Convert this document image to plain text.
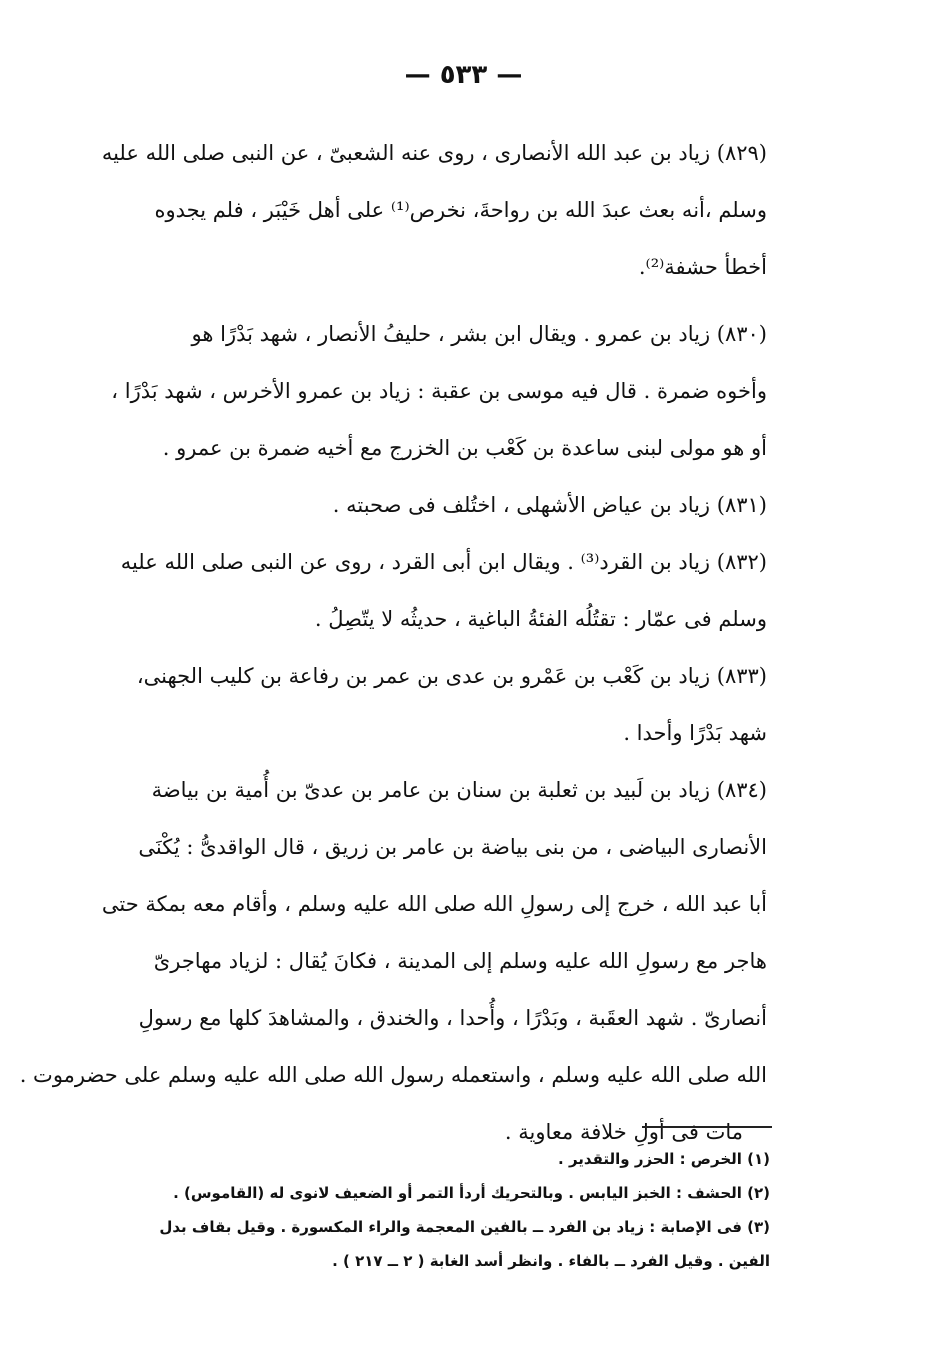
— ٥٣٣ —
(٨٢٩) زياد بن عبد الله الأنصارى ، روى عنه الشعبىّ ، عن النبى صلى الله عليه
وسلم ،أنه بعث عبدَ الله بن رواحةَ، نخرص⁽¹⁾ على أهل خَيْبَر ، فلم يجدوه
أخطأ حشفة⁽²⁾.
(٨٣٠) زياد بن عمرو . ويقال ابن بشر ، حليفُ الأنصار ، شهد بَدْرًا هو
وأخوه ضمرة . قال فيه موسى بن عقبة : زياد بن عمرو الأخرس ، شهد بَدْرًا ،
أو هو مولى لبنى ساعدة بن كَعْب بن الخزرج مع أخيه ضمرة بن عمرو .
(٨٣١) زياد بن عياض الأشهلى ، اختُلف فى صحبته .
(٨٣٢) زياد بن القرد⁽³⁾ . ويقال ابن أبى القرد ، روى عن النبى صلى الله عليه
وسلم فى عمّار : تقتُلُه الفئةُ الباغية ، حديثُه لا يتّصِلُ .
(٨٣٣) زياد بن كَعْب بن عَمْرو بن عدى بن عمر بن رفاعة بن كليب الجهنى،
شهد بَدْرًا وأحدا .
(٨٣٤) زياد بن لَبيد بن ثعلبة بن سنان بن عامر بن عدىّ بن أُمية بن بياضة
الأنصارى البياضى ، من بنى بياضة بن عامر بن زريق ، قال الواقدىُّ : يُكْنَى
أبا عبد الله ، خرج إلى رسولِ الله صلى الله عليه وسلم ، وأقام معه بمكة حتى
هاجر مع رسولِ الله عليه وسلم إلى المدينة ، فكانَ يُقال : لزياد مهاجرىّ
أنصارىّ . شهد العقَبة ، وبَدْرًا ، وأُحدا ، والخندق ، والمشاهدَ كلها مع رسولِ
الله صلى الله عليه وسلم ، واستعمله رسول الله صلى الله عليه وسلم على حضرموت .
مات فى أولِ خلافة معاوية .
(١) الخرص : الحزر والتقدير .
(٢) الحشف : الخبز اليابس . وبالتحريك أردأ التمر أو الضعيف لانوى له (القاموس) .
(٣) فى الإصابة : زياد بن الفرد ــ بالفين المعجمة والراء المكسورة . وقيل بقاف بدل
الفين . وقيل الفرد ــ بالفاء . وانظر أسد الغابة ( ٢ ــ ٢١٧ ) .
